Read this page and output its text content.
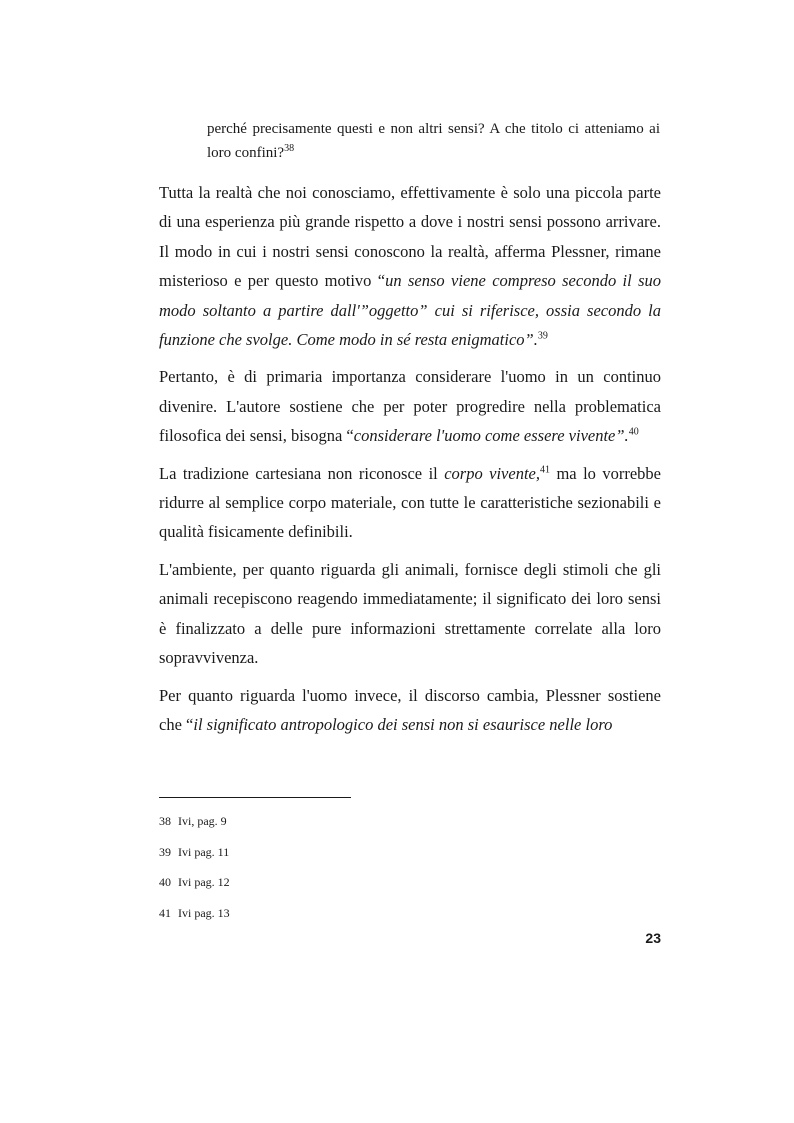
perché precisamente questi e non altri sensi? A che titolo ci atteniamo ai loro confini?$^{38}$

Tutta la realtà che noi conosciamo, effettivamente è solo una piccola parte di una esperienza più grande rispetto a dove i nostri sensi possono arrivare. Il modo in cui i nostri sensi conoscono la realtà, afferma Plessner, rimane misterioso e per questo motivo “un senso viene compreso secondo il suo modo soltanto a partire dall'”oggetto” cui si riferisce, ossia secondo la funzione che svolge. Come modo in sé resta enigmatico”.$^{39}$

Pertanto, è di primaria importanza considerare l'uomo in un continuo divenire. L'autore sostiene che per poter progredire nella problematica filosofica dei sensi, bisogna “considerare l'uomo come essere vivente”.$^{40}$

La tradizione cartesiana non riconosce il corpo vivente,$^{41}$ ma lo vorrebbe ridurre al semplice corpo materiale, con tutte le caratteristiche sezionabili e qualità fisicamente definibili.

L'ambiente, per quanto riguarda gli animali, fornisce degli stimoli che gli animali recepiscono reagendo immediatamente; il significato dei loro sensi è finalizzato a delle pure informazioni strettamente correlate alla loro sopravvivenza.

Per quanto riguarda l'uomo invece, il discorso cambia, Plessner sostiene che “il significato antropologico dei sensi non si esaurisce nelle loro

38 Ivi, pag. 9
39 Ivi pag. 11
40 Ivi pag. 12
41 Ivi pag. 13
23
